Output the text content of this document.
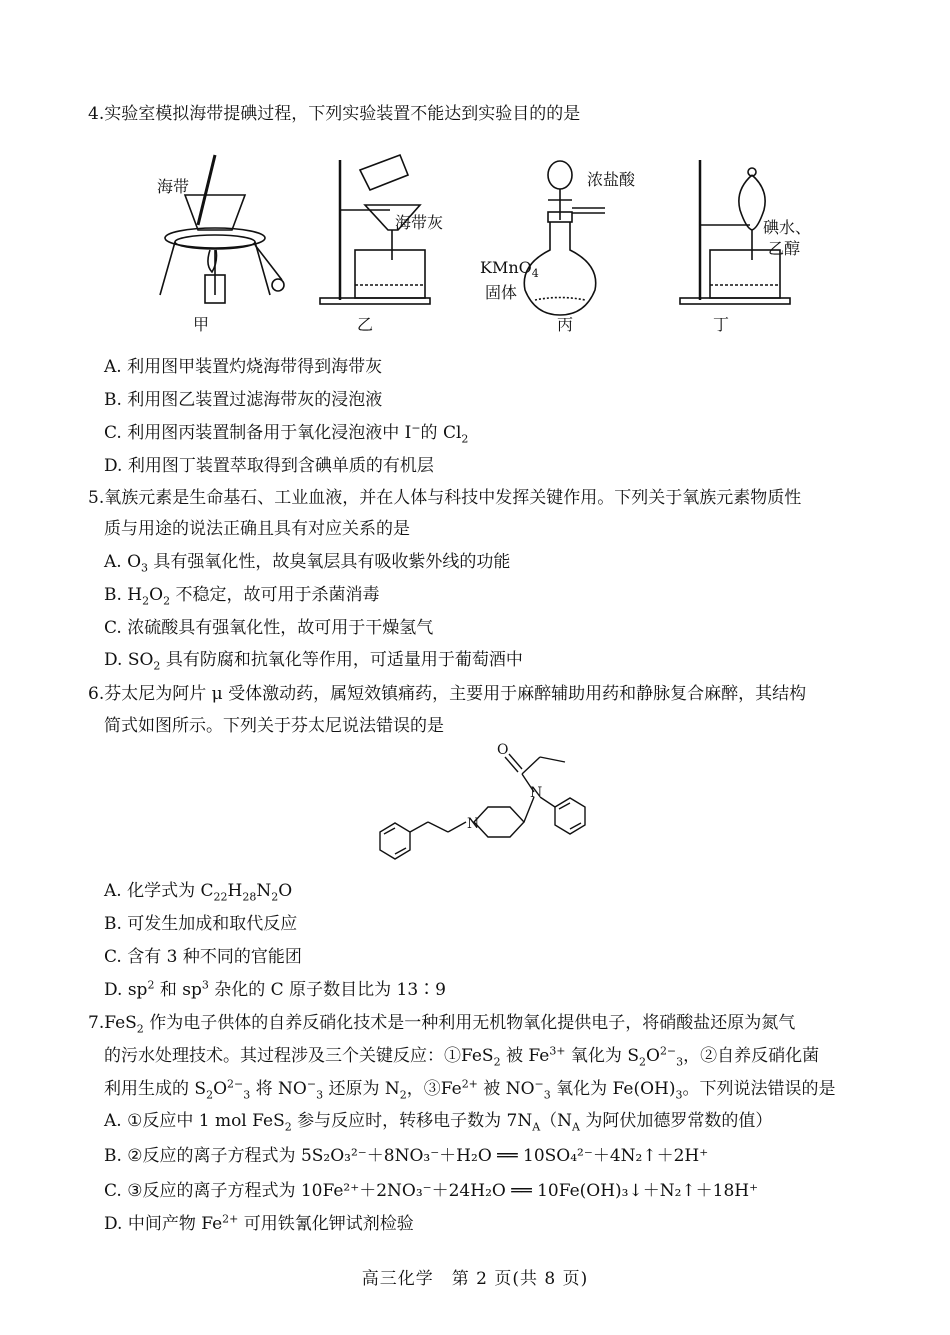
4.实验室模拟海带提碘过程，下列实验装置不能达到实验目的的是
海带
海带灰
浓盐酸
KMnO$_4$
固体
碘水、
乙醇
甲	乙	丙	丁
A. 利用图甲装置灼烧海带得到海带灰
B. 利用图乙装置过滤海带灰的浸泡液
C. 利用图丙装置制备用于氧化浸泡液中 I−的 $Cl_2$
D. 利用图丁装置萃取得到含碘单质的有机层
5.氧族元素是生命基石、工业血液，并在人体与科技中发挥关键作用。下列关于氧族元素物质性
质与用途的说法正确且具有对应关系的是
A. $O_3$ 具有强氧化性，故臭氧层具有吸收紫外线的功能
B. $H_2O_2$ 不稳定，故可用于杀菌消毒
C. 浓硫酸具有强氧化性，故可用于干燥氢气
D. $SO_2$ 具有防腐和抗氧化等作用，可适量用于葡萄酒中
6.芬太尼为阿片 μ 受体激动药，属短效镇痛药，主要用于麻醉辅助用药和静脉复合麻醉，其结构
简式如图所示。下列关于芬太尼说法错误的是
O
N
N
A. 化学式为 $C_{22}H_{28}N_2O$
B. 可发生加成和取代反应
C. 含有 3 种不同的官能团
D. $sp^2$ 和 $sp^3$ 杂化的 C 原子数目比为 13∶9
7.FeS$_2$ 作为电子供体的自养反硝化技术是一种利用无机物氧化提供电子，将硝酸盐还原为氮气
的污水处理技术。其过程涉及三个关键反应：①FeS$_2$ 被 $Fe^{3+}$ 氧化为 $S_2O^{2-}_3$，②自养反硝化菌
利用生成的 $S_2O^{2-}_3$ 将 $NO^-_3$ 还原为 $N_2$，$③Fe^{2+}$ 被 $NO^-_3$ 氧化为 $Fe(OH)_3$。下列说法错误的是
A. ①反应中 1 mol FeS$_2$ 参与反应时，转移电子数为 $7N_A(N_A$ 为阿伏加德罗常数的值）
B. ②反应的离子方程式为 5S₂O₃²⁻＋8NO₃⁻＋H₂O ══ 10SO₄²⁻＋4N₂↑＋2H⁺
C. ③反应的离子方程式为 10Fe²⁺＋2NO₃⁻＋24H₂O ══ 10Fe(OH)₃↓＋N₂↑＋18H⁺
D. 中间产物 $Fe^{2+}$ 可用铁氰化钾试剂检验
高三化学　第 2 页(共 8 页)
